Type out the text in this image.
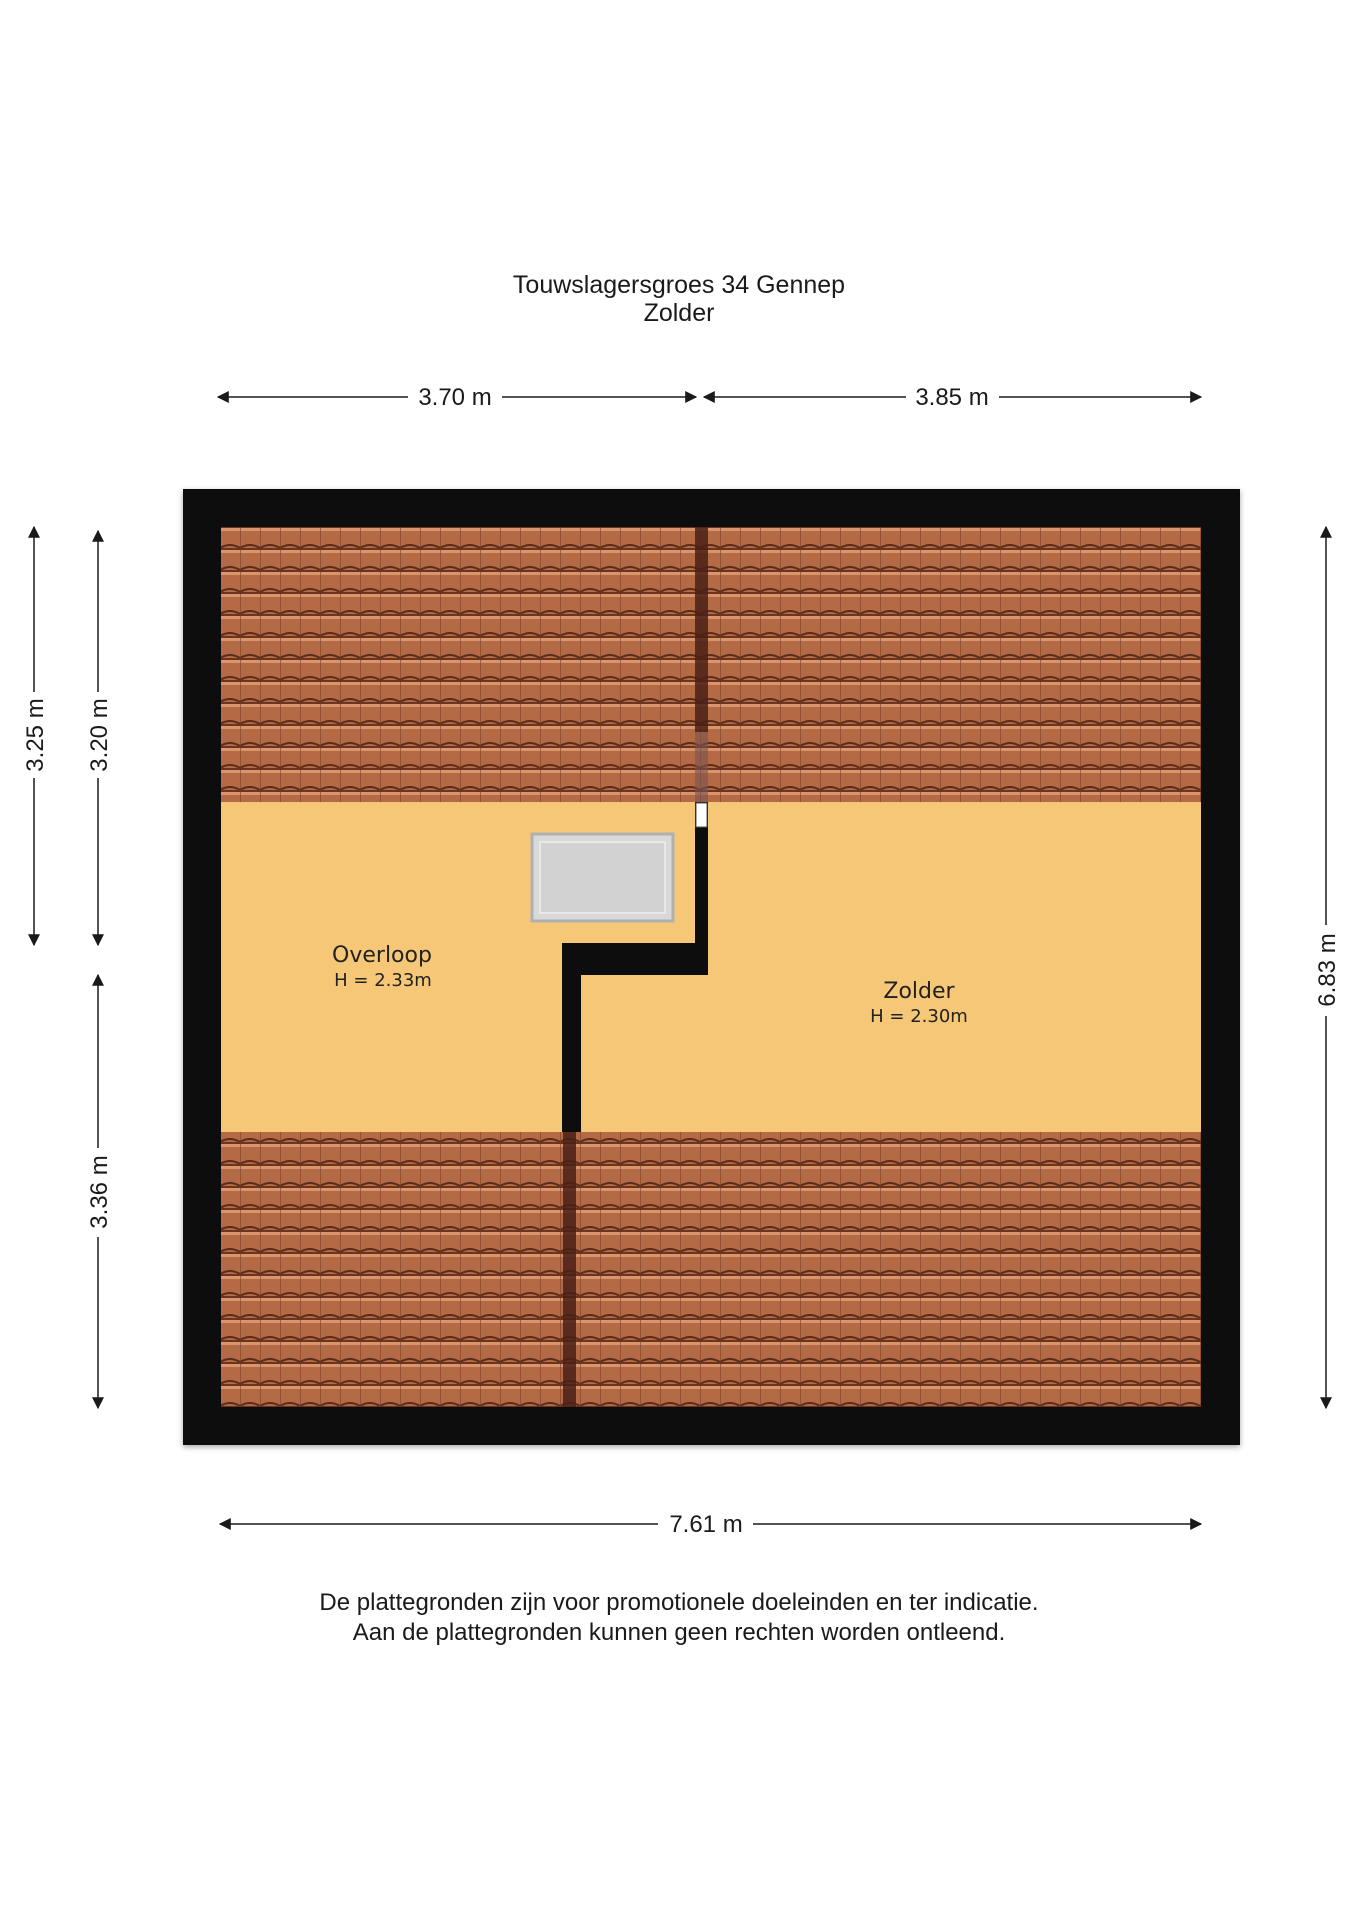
Touwslagersgroes 34 Gennep
Zolder
Overloop
H = 2.33m	Zolder
H = 2.30m
3.70 m	3.85 m
7.61 m
3.25 m 3.20 m
3.36 m
6.83 m
De plattegronden zijn voor promotionele doeleinden en ter indicatie.
Aan de plattegronden kunnen geen rechten worden ontleend.
